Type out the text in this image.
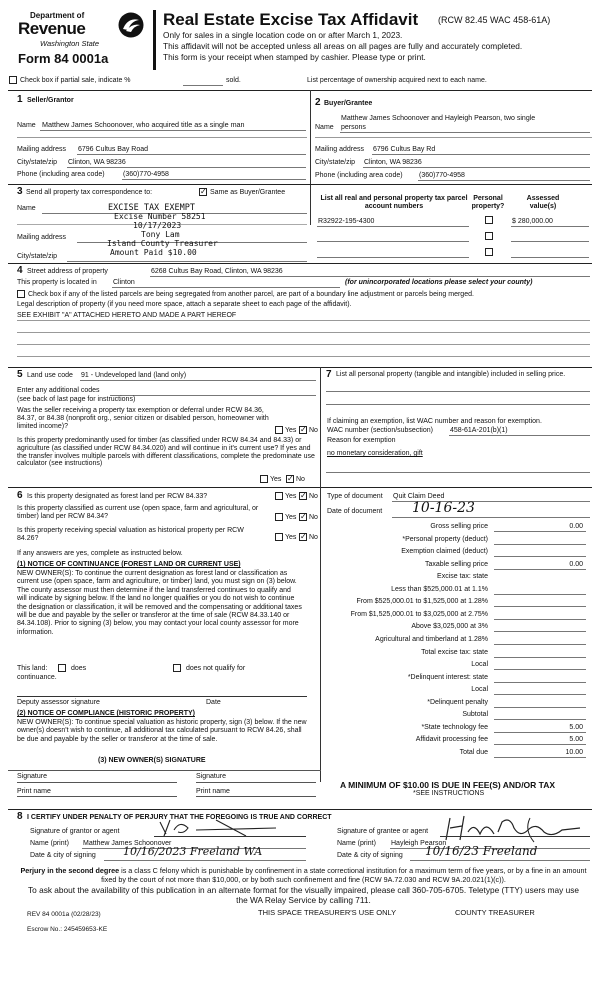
Department of
Revenue
Washington State
Form 84 0001a
Real Estate Excise Tax Affidavit (RCW 82.45 WAC 458-61A)
Only for sales in a single location code on or after March 1, 2023.
This affidavit will not be accepted unless all areas on all pages are fully and accurately completed.
This form is your receipt when stamped by cashier. Please type or print.
Check box if partial sale, indicate %	sold.	List percentage of ownership acquired next to each name.
1 Seller/Grantor
Name Matthew James Schoonover, who acquired title as a single man
Mailing address 6796 Cultus Bay Road
City/state/zip Clinton, WA 98236
Phone (including area code)	(360)770-4958
2 Buyer/Grantee
Matthew James Schoonover and Hayleigh Pearson, two single
Name persons
Mailing address 6796 Cultus Bay Rd
City/state/zip Clinton, WA 98236
Phone (including area code) (360)770-4958
3 Send all property tax correspondence to:	✓ Same as Buyer/Grantee
Name
Mailing address
City/state/zip
EXCISE TAX EXEMPT
Excise Number 58251
10/17/2023
Tony Lam
Island County Treasurer
Amount Paid $10.00
List all real and personal property tax parcel account numbers
Personal property?
Assessed value(s)
R32922-195-4300	$ 280,000.00
4 Street address of property	6268 Cultus Bay Road, Clinton, WA 98236
This property is located in Clinton	(for unincorporated locations please select your county)
Check box if any of the listed parcels are being segregated from another parcel, are part of a boundary line adjustment or parcels being merged.
Legal description of property (if you need more space, attach a separate sheet to each page of the affidavit).
SEE EXHIBIT "A" ATTACHED HERETO AND MADE A PART HEREOF
5 Land use code 91 - Undeveloped land (land only)
Enter any additional codes
(see back of last page for instructions)
Was the seller receiving a property tax exemption or deferral under RCW 84.36, 84.37, or 84.38 (nonprofit org., senior citizen or disabled person, homeowner with limited income)?
Yes ✓ No
Is this property predominantly used for timber (as classified under RCW 84.34 and 84.33) or agriculture (as classified under RCW 84.34.020) and will continue in it's current use? If yes and the transfer involves multiple parcels with different classifications, complete the predominate use calculator (see instructions)
Yes ✓ No
7 List all personal property (tangible and intangible) included in selling price.
If claiming an exemption, list WAC number and reason for exemption.
WAC number (section/subsection) 458-61A-201(b)(1)
Reason for exemption
no monetary consideration, gift
6 Is this property designated as forest land per RCW 84.33?	Yes ✓ No
Is this property classified as current use (open space, farm and agricultural, or timber) land per RCW 84.34?	Yes ✓ No
Is this property receiving special valuation as historical property per RCW 84.26?	Yes ✓ No
If any answers are yes, complete as instructed below.
(1) NOTICE OF CONTINUANCE (FOREST LAND OR CURRENT USE)
NEW OWNER(S): To continue the current designation as forest land or classification as current use (open space, farm and agriculture, or timber) land, you must sign on (3) below. The county assessor must then determine if the land transferred continues to qualify and will indicate by signing below. If the land no longer qualifies or you do not wish to continue the designation or classification, it will be removed and the compensating or additional taxes will be due and payable by the seller or transferor at the time of sale (RCW 84.33.140 or 84.34.108). Prior to signing (3) below, you may contact your local county assessor for more information.
This land:	does	does not qualify for
continuance.
Deputy assessor signature	Date
(2) NOTICE OF COMPLIANCE (HISTORIC PROPERTY)
NEW OWNER(S): To continue special valuation as historic property, sign (3) below. If the new owner(s) doesn't wish to continue, all additional tax calculated pursuant to RCW 84.26, shall be due and payable by the seller or transferor at the time of sale.
(3) NEW OWNER(S) SIGNATURE
Signature	Signature
Print name	Print name
Type of document Quit Claim Deed
Date of document 10-16-23
Gross selling price	0.00
*Personal property (deduct)
Exemption claimed (deduct)
Taxable selling price	0.00
Excise tax: state
Less than $525,000.01 at 1.1%
From $525,000.01 to $1,525,000 at 1.28%
From $1,525,000.01 to $3,025,000 at 2.75%
Above $3,025,000 at 3%
Agricultural and timberland at 1.28%
Total excise tax: state
Local
*Delinquent interest: state
Local
*Delinquent penalty
Subtotal
*State technology fee	5.00
Affidavit processing fee	5.00
Total due	10.00
A MINIMUM OF $10.00 IS DUE IN FEE(S) AND/OR TAX
*SEE INSTRUCTIONS
8 I CERTIFY UNDER PENALTY OF PERJURY THAT THE FOREGOING IS TRUE AND CORRECT
Signature of grantor or agent
Name (print) Matthew James Schoonover
Date & city of signing 10/16/2023 Freeland WA
Signature of grantee or agent
Name (print) Hayleigh Pearson
Date & city of signing 10/16/23 Freeland
Perjury in the second degree is a class C felony which is punishable by confinement in a state correctional institution for a maximum term of five years, or by a fine in an amount fixed by the court of not more than $10,000, or by both such confinement and fine (RCW 9A.72.030 and RCW 9A.20.021(1)(c)).
To ask about the availability of this publication in an alternate format for the visually impaired, please call 360-705-6705. Teletype (TTY) users may use the WA Relay Service by calling 711.
REV 84 0001a (02/28/23)	THIS SPACE TREASURER'S USE ONLY	COUNTY TREASURER
Escrow No.: 245459653-KE
